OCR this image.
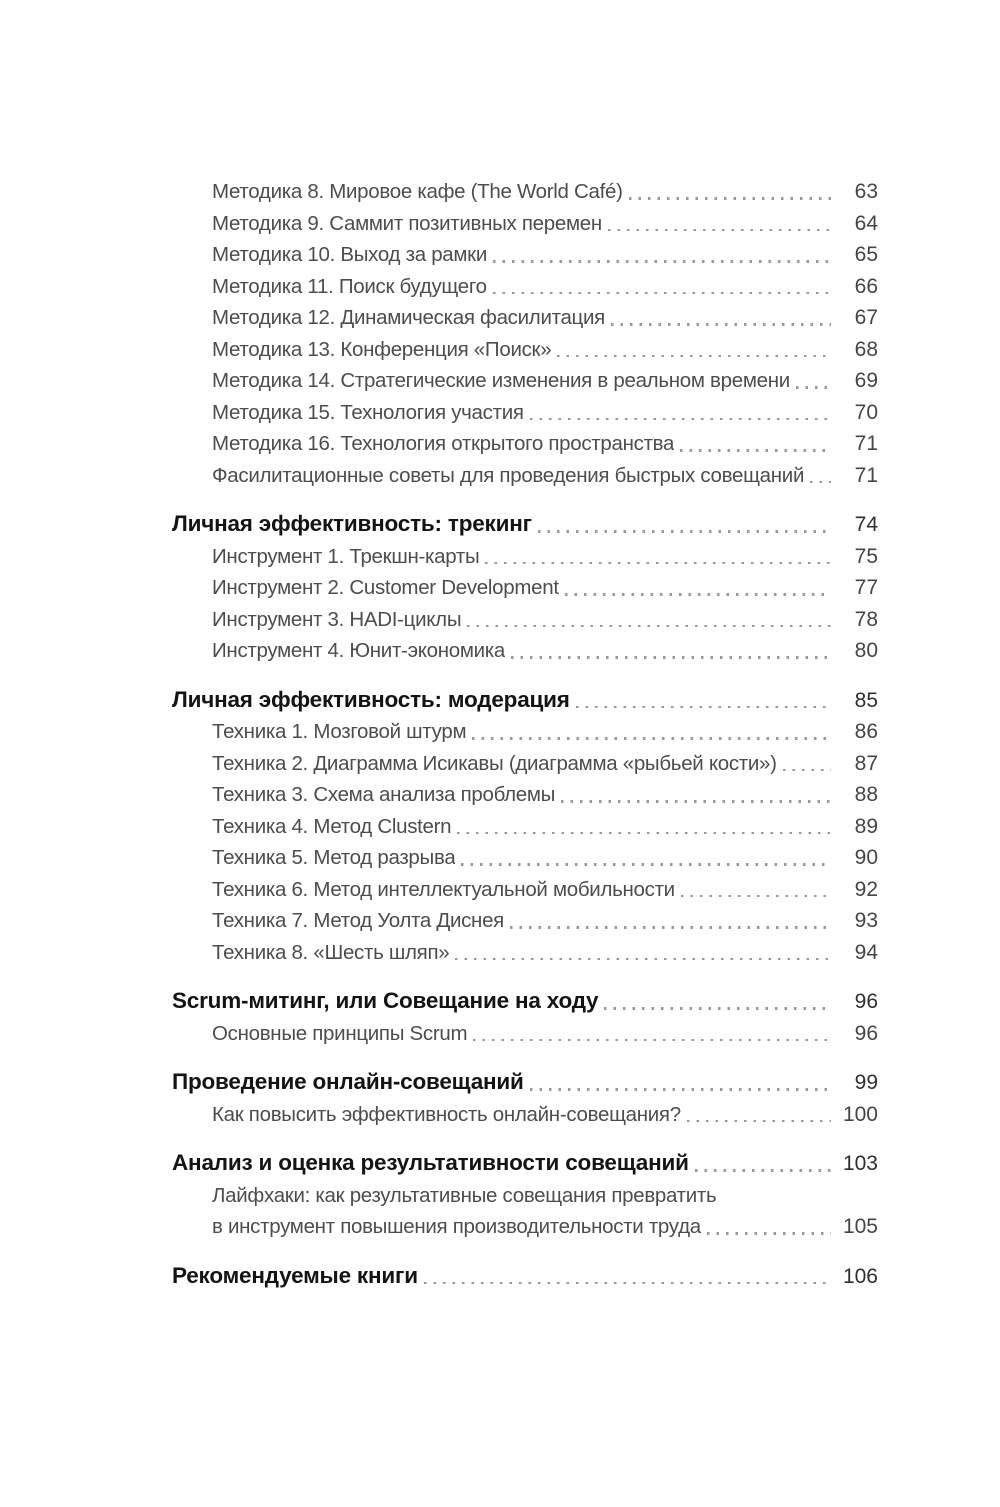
Методика 8. Мировое кафе (The World Café)	63
Методика 9. Саммит позитивных перемен	64
Методика 10. Выход за рамки	65
Методика 11. Поиск будущего	66
Методика 12. Динамическая фасилитация	67
Методика 13. Конференция «Поиск»	68
Методика 14. Стратегические изменения в реальном времени	69
Методика 15. Технология участия	70
Методика 16. Технология открытого пространства	71
Фасилитационные советы для проведения быстрых совещаний	71
Личная эффективность: трекинг	74
Инструмент 1. Трекшн-карты	75
Инструмент 2. Customer Development	77
Инструмент 3. HADI-циклы	78
Инструмент 4. Юнит-экономика	80
Личная эффективность: модерация	85
Техника 1. Мозговой штурм	86
Техника 2. Диаграмма Исикавы (диаграмма «рыбьей кости»)	87
Техника 3. Схема анализа проблемы	88
Техника 4. Метод Clustern	89
Техника 5. Метод разрыва	90
Техника 6. Метод интеллектуальной мобильности	92
Техника 7. Метод Уолта Диснея	93
Техника 8. «Шесть шляп»	94
Scrum-митинг, или Совещание на ходу	96
Основные принципы Scrum	96
Проведение онлайн-совещаний	99
Как повысить эффективность онлайн-совещания?	100
Анализ и оценка результативности совещаний	103
Лайфхаки: как результативные совещания превратить
в инструмент повышения производительности труда	105
Рекомендуемые книги	106
